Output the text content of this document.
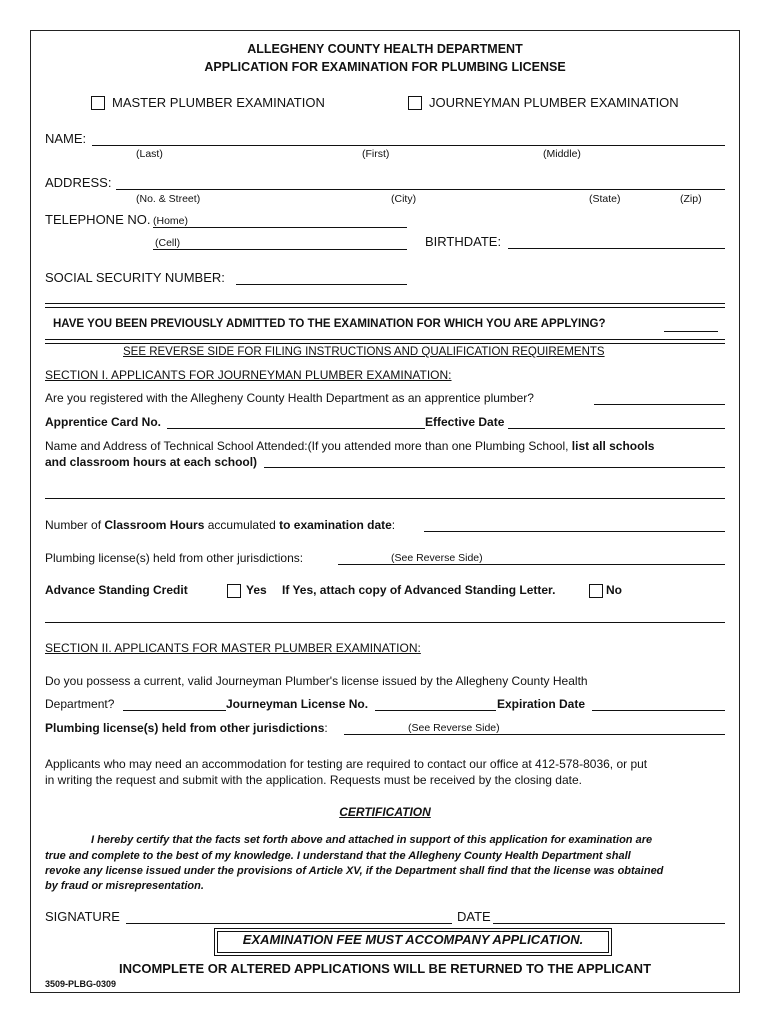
ALLEGHENY COUNTY HEALTH DEPARTMENT
APPLICATION FOR EXAMINATION FOR PLUMBING LICENSE
MASTER PLUMBER EXAMINATION	JOURNEYMAN PLUMBER EXAMINATION
NAME:
(Last)	(First)	(Middle)
ADDRESS:
(No. & Street)	(City)	(State)	(Zip)
TELEPHONE NO. (Home)
(Cell)	BIRTHDATE:
SOCIAL SECURITY NUMBER:
HAVE YOU BEEN PREVIOUSLY ADMITTED TO THE EXAMINATION FOR WHICH YOU ARE APPLYING?
SEE REVERSE SIDE FOR FILING INSTRUCTIONS AND QUALIFICATION REQUIREMENTS
SECTION I. APPLICANTS FOR JOURNEYMAN PLUMBER EXAMINATION:
Are you registered with the Allegheny County Health Department as an apprentice plumber?
Apprentice Card No.	Effective Date
Name and Address of Technical School Attended:(If you attended more than one Plumbing School, list all schools
and classroom hours at each school)
Number of Classroom Hours accumulated to examination date:
Plumbing license(s) held from other jurisdictions:	(See Reverse Side)
Advance Standing Credit	Yes If Yes, attach copy of Advanced Standing Letter.	No
SECTION II. APPLICANTS FOR MASTER PLUMBER EXAMINATION:
Do you possess a current, valid Journeyman Plumber's license issued by the Allegheny County Health
Department?	Journeyman License No.	Expiration Date
Plumbing license(s) held from other jurisdictions:	(See Reverse Side)
Applicants who may need an accommodation for testing are required to contact our office at 412-578-8036, or put
in writing the request and submit with the application. Requests must be received by the closing date.
CERTIFICATION
I hereby certify that the facts set forth above and attached in support of this application for examination are
true and complete to the best of my knowledge. I understand that the Allegheny County Health Department shall
revoke any license issued under the provisions of Article XV, if the Department shall find that the license was obtained
by fraud or misrepresentation.
SIGNATURE	DATE
EXAMINATION FEE MUST ACCOMPANY APPLICATION.
INCOMPLETE OR ALTERED APPLICATIONS WILL BE RETURNED TO THE APPLICANT
3509-PLBG-0309
